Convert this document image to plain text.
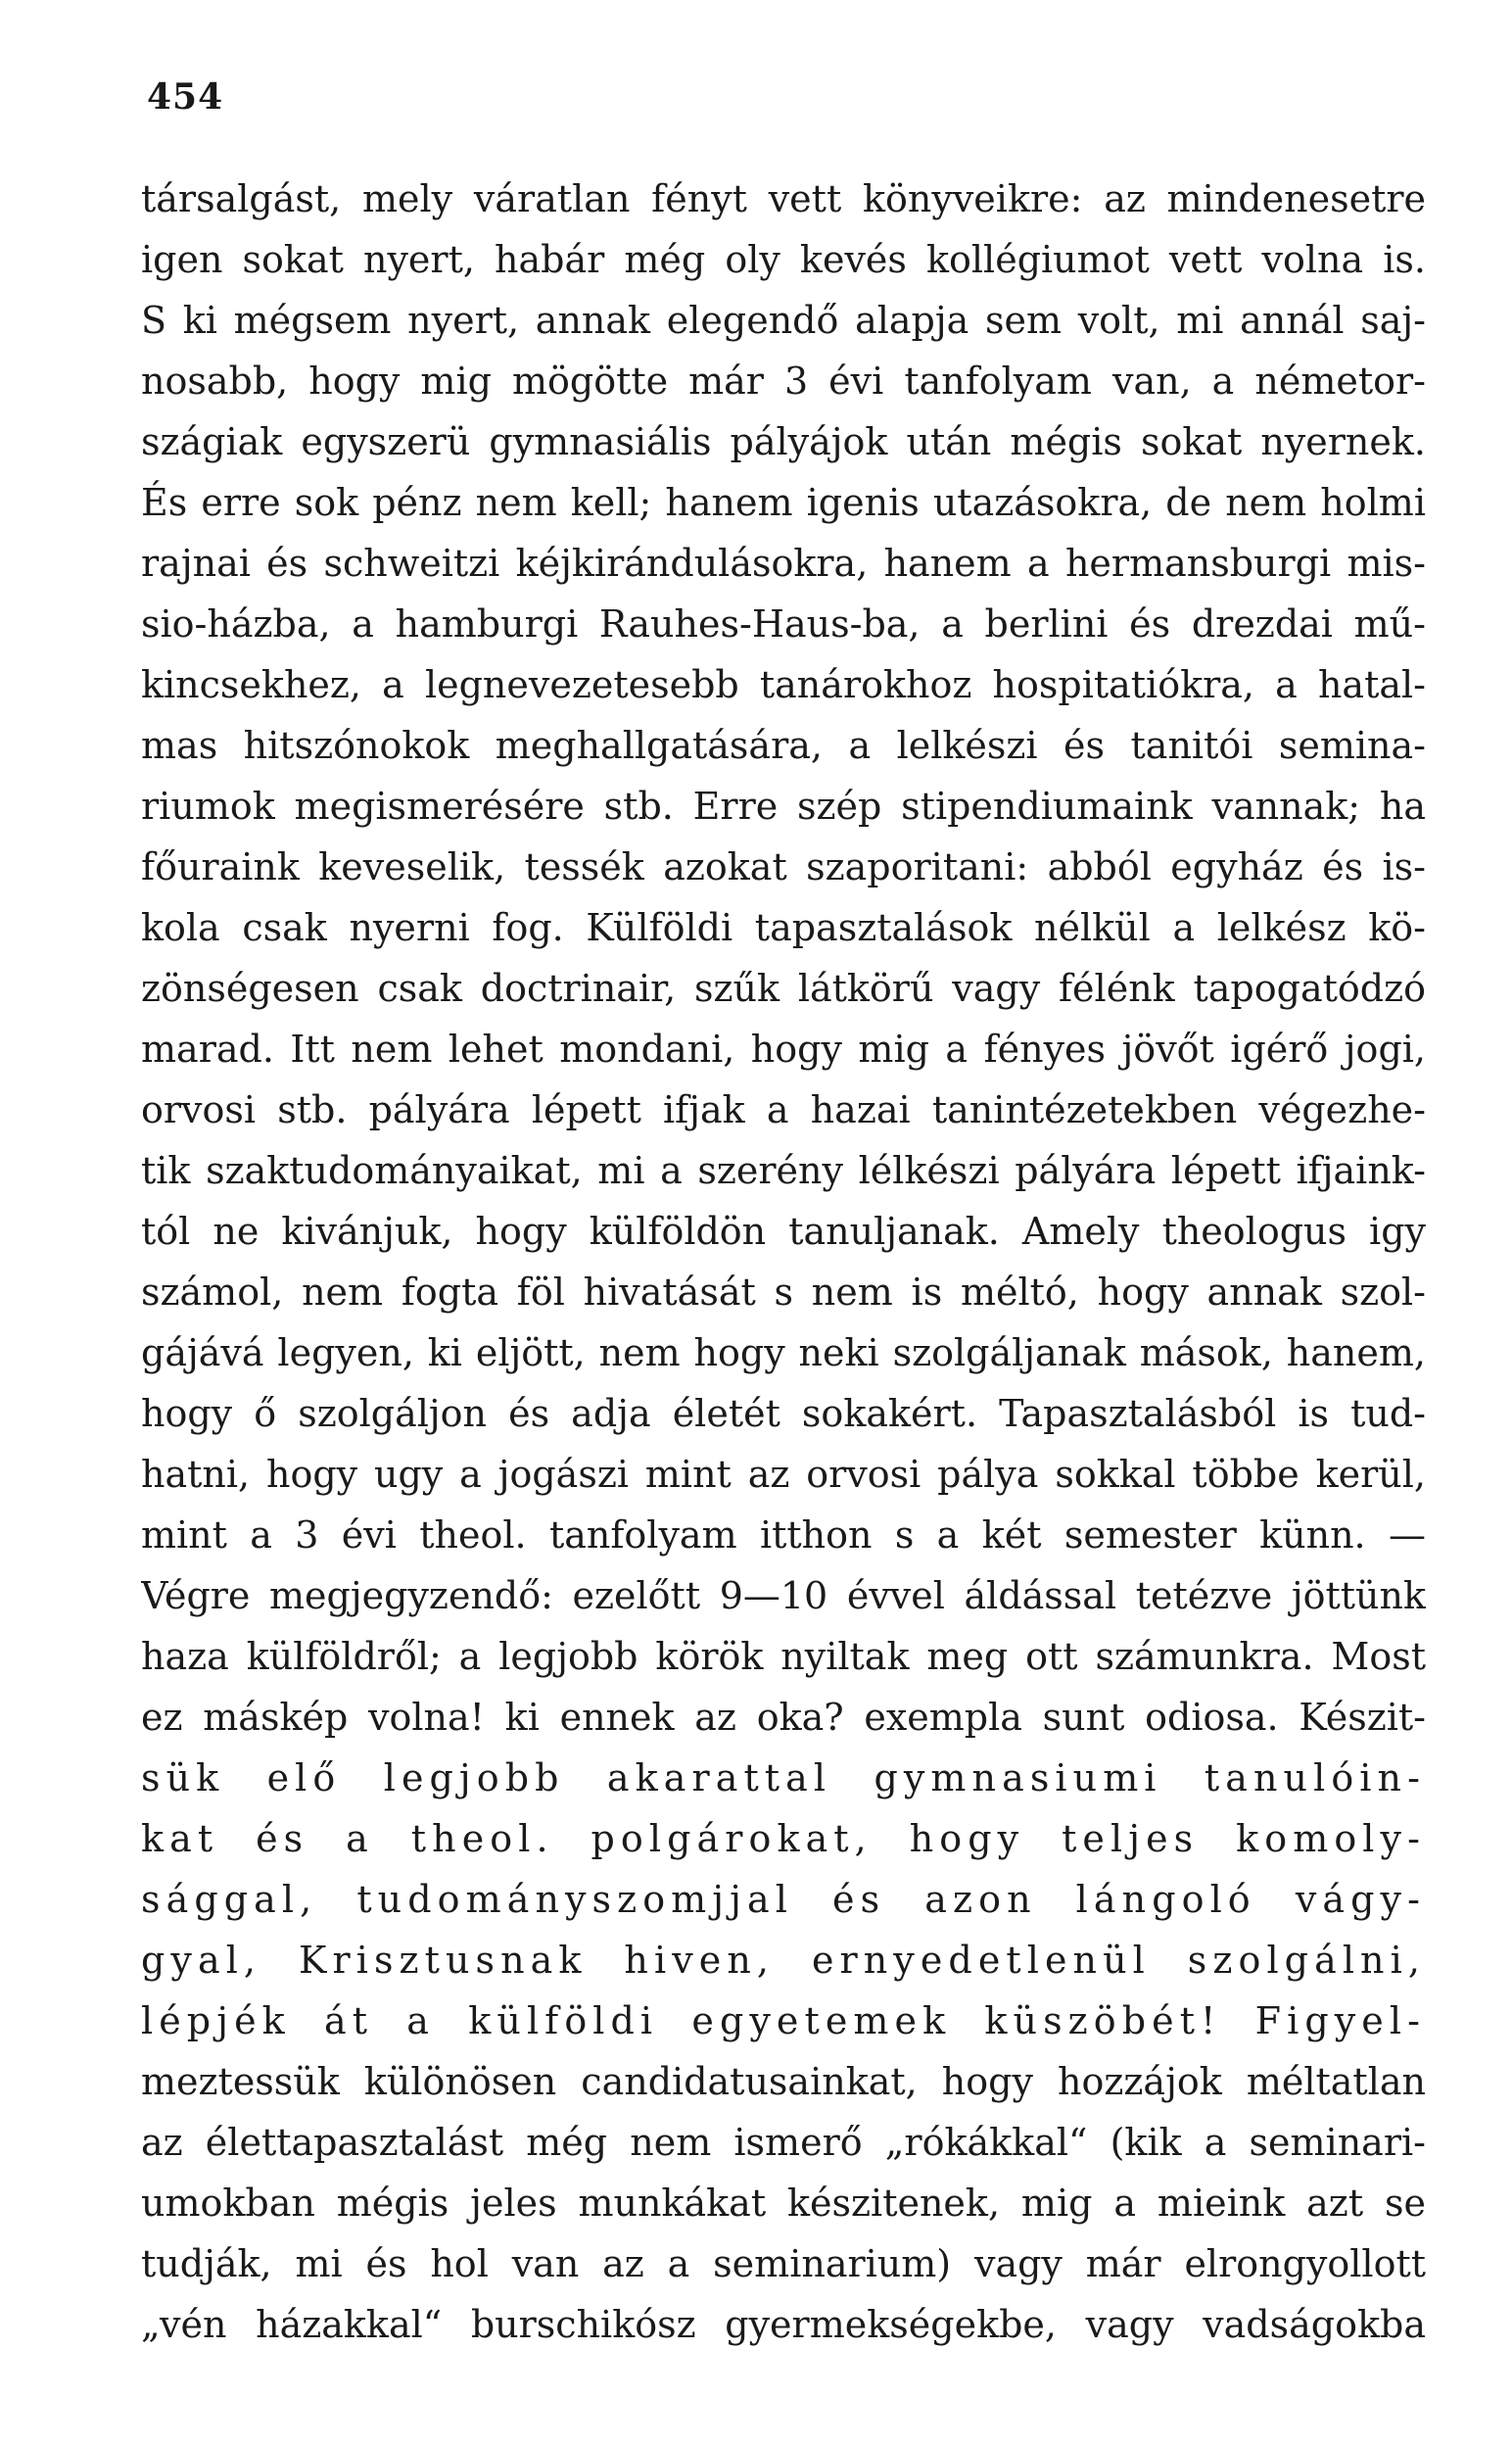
454
társalgást, mely váratlan fényt vett könyveikre: az mindenesetre
igen sokat nyert, habár még oly kevés kollégiumot vett volna is.
S ki mégsem nyert, annak elegendő alapja sem volt, mi annál saj-
nosabb, hogy mig mögötte már 3 évi tanfolyam van, a németor-
szágiak egyszerü gymnasiális pályájok után mégis sokat nyernek.
És erre sok pénz nem kell; hanem igenis utazásokra, de nem holmi
rajnai és schweitzi kéjkirándulásokra, hanem a hermansburgi mis-
sio-házba, a hamburgi Rauhes-Haus-ba, a berlini és drezdai mű-
kincsekhez, a legnevezetesebb tanárokhoz hospitatiókra, a hatal-
mas hitszónokok meghallgatására, a lelkészi és tanitói semina-
riumok megismerésére stb. Erre szép stipendiumaink vannak; ha
főuraink keveselik, tessék azokat szaporitani: abból egyház és is-
kola csak nyerni fog. Külföldi tapasztalások nélkül a lelkész kö-
zönségesen csak doctrinair, szűk látkörű vagy félénk tapogatódzó
marad. Itt nem lehet mondani, hogy mig a fényes jövőt igérő jogi,
orvosi stb. pályára lépett ifjak a hazai tanintézetekben végezhe-
tik szaktudományaikat, mi a szerény lélkészi pályára lépett ifjaink-
tól ne kivánjuk, hogy külföldön tanuljanak. Amely theologus igy
számol, nem fogta föl hivatását s nem is méltó, hogy annak szol-
gájává legyen, ki eljött, nem hogy neki szolgáljanak mások, hanem,
hogy ő szolgáljon és adja életét sokakért. Tapasztalásból is tud-
hatni, hogy ugy a jogászi mint az orvosi pálya sokkal többe kerül,
mint a 3 évi theol. tanfolyam itthon s a két semester künn. —
Végre megjegyzendő: ezelőtt 9—10 évvel áldással tetézve jöttünk
haza külföldről; a legjobb körök nyiltak meg ott számunkra. Most
ez máskép volna! ki ennek az oka? exempla sunt odiosa. Készit-
sük elő legjobb akarattal gymnasiumi tanulóin-
kat és a theol. polgárokat, hogy teljes komoly-
sággal, tudományszomjjal és azon lángoló vágy-
gyal, Krisztusnak hiven, ernyedetlenül szolgálni,
lépjék át a külföldi egyetemek küszöbét! Figyel-
meztessük különösen candidatusainkat, hogy hozzájok méltatlan
az élettapasztalást még nem ismerő „rókákkal“ (kik a seminari-
umokban mégis jeles munkákat készitenek, mig a mieink azt se
tudják, mi és hol van az a seminarium) vagy már elrongyollott
„vén házakkal“ burschikósz gyermekségekbe, vagy vadságokba
